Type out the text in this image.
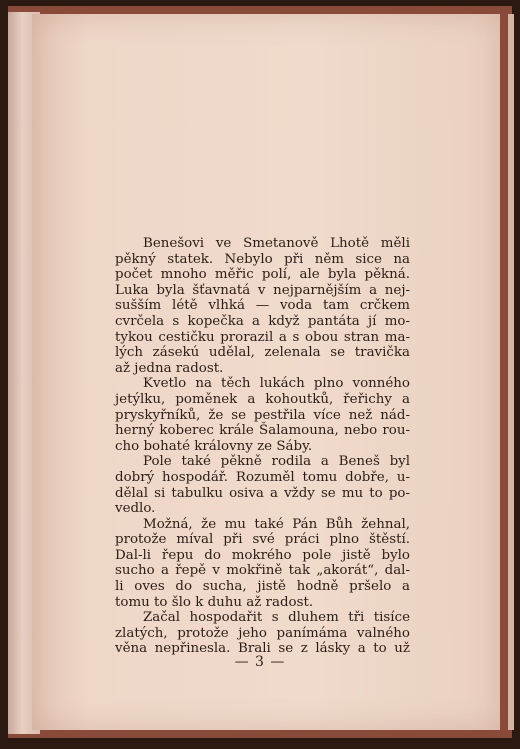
Benešovi ve Smetanově Lhotě měli
pěkný statek. Nebylo při něm sice na
počet mnoho měřic polí, ale byla pěkná.
Luka byla šťavnatá v nejparnějším a nej-
sušším létě vlhká — voda tam crčkem
cvrčela s kopečka a když pantáta jí mo-
tykou cestičku prorazil a s obou stran ma-
lých zásekú udělal, zelenala se travička
až jedna radost.

Kvetlo na těch lukách plno vonného
jetýlku, poměnek a kohoutků, řeřichy a
pryskyřníků, že se pestřila více než nád-
herný koberec krále Šalamouna, nebo rou-
cho bohaté královny ze Sáby.

Pole také pěkně rodila a Beneš byl
dobrý hospodář. Rozuměl tomu dobře, u-
dělal si tabulku osiva a vždy se mu to po-
vedlo.

Možná, že mu také Pán Bůh žehnal,
protože míval při své práci plno štěstí.
Dal-li řepu do mokrého pole jistě bylo
sucho a řepě v mokřině tak „akorát“, dal-
li oves do sucha, jistě hodně pršelo a
tomu to šlo k duhu až radost.

Začal hospodařit s dluhem tři tisíce
zlatých, protože jeho panímáma valného
věna nepřinesla. Brali se z lásky a to už

— 3 —
